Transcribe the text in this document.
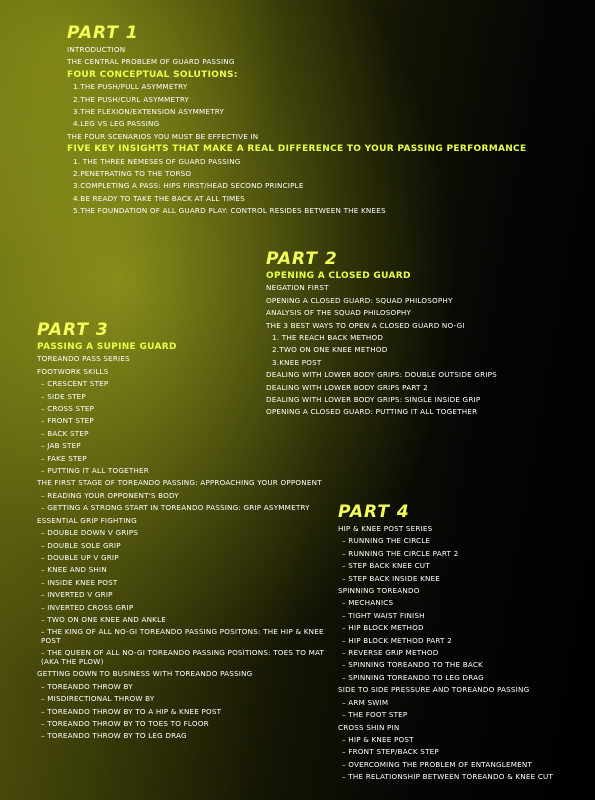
PART 1
INTRODUCTION
THE CENTRAL PROBLEM OF GUARD PASSING
FOUR CONCEPTUAL SOLUTIONS:
1.THE PUSH/PULL ASYMMETRY
2.THE PUSH/CURL ASYMMETRY
3.THE FLEXION/EXTENSION ASYMMETRY
4.LEG VS LEG PASSING
THE FOUR SCENARIOS YOU MUST BE EFFECTIVE IN
FIVE KEY INSIGHTS THAT MAKE A REAL DIFFERENCE TO YOUR PASSING PERFORMANCE
1. THE THREE NEMESES OF GUARD PASSING
2.PENETRATING TO THE TORSO
3.COMPLETING A PASS: HIPS FIRST/HEAD SECOND PRINCIPLE
4.BE READY TO TAKE THE BACK AT ALL TIMES
5.THE FOUNDATION OF ALL GUARD PLAY: CONTROL RESIDES BETWEEN THE KNEES
PART 2
OPENING A CLOSED GUARD
NEGATION FIRST
OPENING A CLOSED GUARD: SQUAD PHILOSOPHY
ANALYSIS OF THE SQUAD PHILOSOPHY
THE 3 BEST WAYS TO OPEN A CLOSED GUARD NO-GI
1. THE REACH BACK METHOD
2.TWO ON ONE KNEE METHOD
3.KNEE POST
DEALING WITH LOWER BODY GRIPS: DOUBLE OUTSIDE GRIPS
DEALING WITH LOWER BODY GRIPS PART 2
DEALING WITH LOWER BODY GRIPS: SINGLE INSIDE GRIP
OPENING A CLOSED GUARD: PUTTING IT ALL TOGETHER
PART 3
PASSING A SUPINE GUARD
TOREANDO PASS SERIES
FOOTWORK SKILLS
– CRESCENT STEP
– SIDE STEP
– CROSS STEP
– FRONT STEP
– BACK STEP
– JAB STEP
– FAKE STEP
– PUTTING IT ALL TOGETHER
THE FIRST STAGE OF TOREANDO PASSING: APPROACHING YOUR OPPONENT
– READING YOUR OPPONENT'S BODY
– GETTING A STRONG START IN TOREANDO PASSING: GRIP ASYMMETRY
ESSENTIAL GRIP FIGHTING
– DOUBLE DOWN V GRIPS
– DOUBLE SOLE GRIP
– DOUBLE UP V GRIP
– KNEE AND SHIN
– INSIDE KNEE POST
– INVERTED V GRIP
– INVERTED CROSS GRIP
– TWO ON ONE KNEE AND ANKLE
– THE KING OF ALL NO-GI TOREANDO PASSING POSITONS: THE HIP & KNEE POST
– THE QUEEN OF ALL NO-GI TOREANDO PASSING POSITIONS: TOES TO MAT (AKA THE PLOW)
GETTING DOWN TO BUSINESS WITH TOREANDO PASSING
– TOREANDO THROW BY
– MISDIRECTIONAL THROW BY
– TOREANDO THROW BY TO A HIP & KNEE POST
– TOREANDO THROW BY TO TOES TO FLOOR
– TOREANDO THROW BY TO LEG DRAG
PART 4
HIP & KNEE POST SERIES
– RUNNING THE CIRCLE
– RUNNING THE CIRCLE PART 2
– STEP BACK KNEE CUT
– STEP BACK INSIDE KNEE
SPINNING TOREANDO
– MECHANICS
– TIGHT WAIST FINISH
– HIP BLOCK METHOD
– HIP BLOCK METHOD PART 2
– REVERSE GRIP METHOD
– SPINNING TOREANDO TO THE BACK
– SPINNING TOREANDO TO LEG DRAG
SIDE TO SIDE PRESSURE AND TOREANDO PASSING
– ARM SWIM
– THE FOOT STEP
CROSS SHIN PIN
– HIP & KNEE POST
– FRONT STEP/BACK STEP
– OVERCOMING THE PROBLEM OF ENTANGLEMENT
– THE RELATIONSHIP BETWEEN TOREANDO & KNEE CUT
